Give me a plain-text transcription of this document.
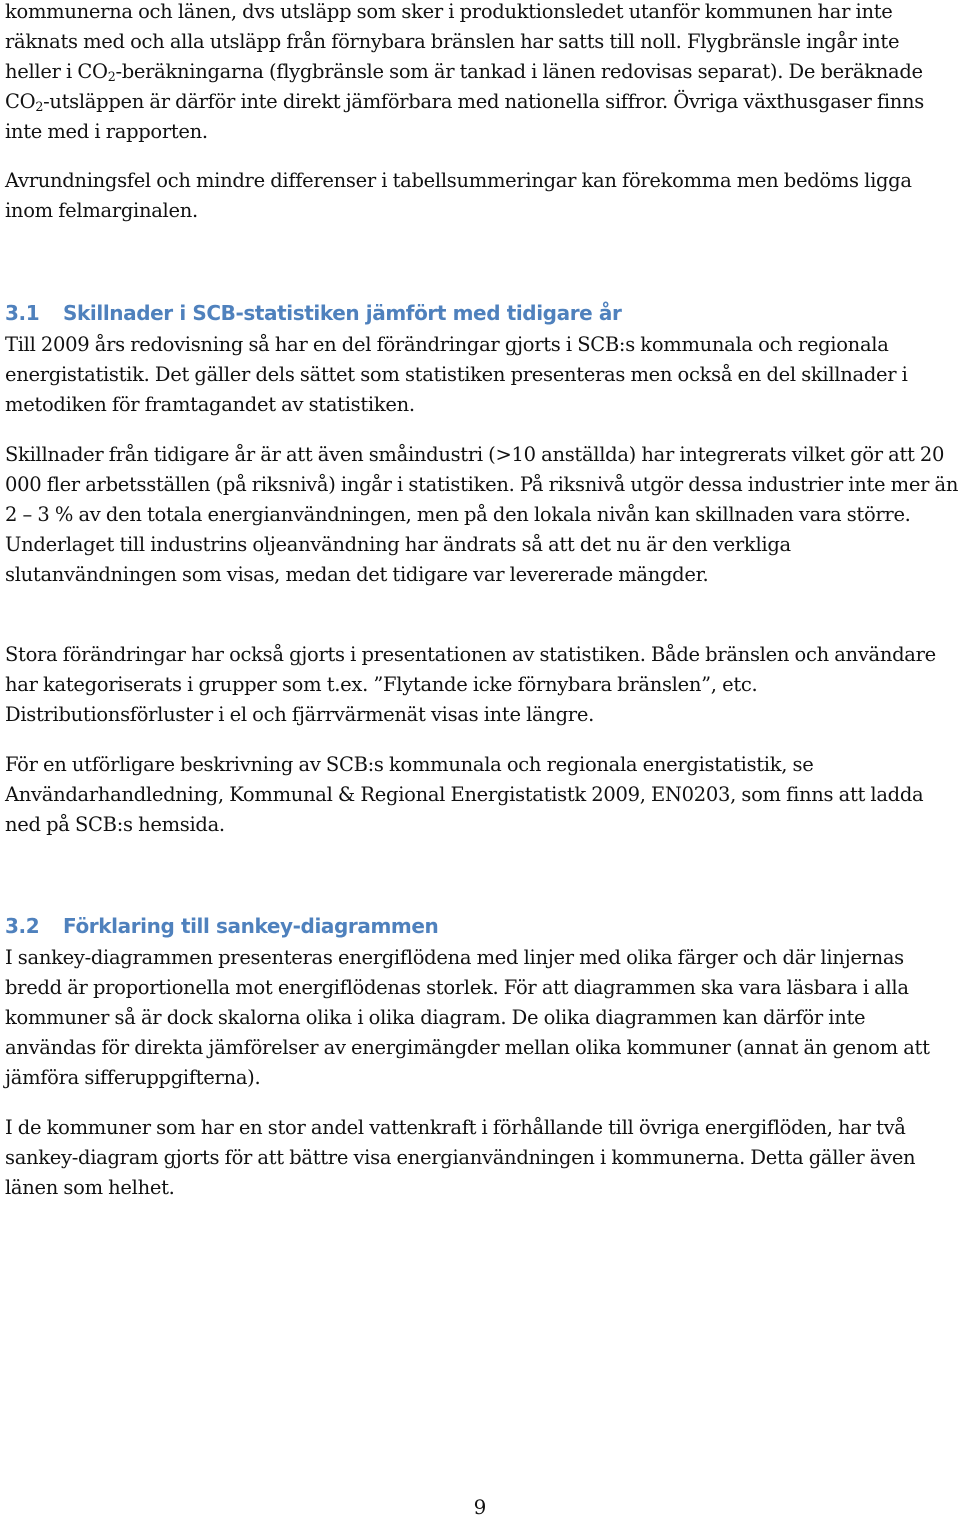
kommunerna och länen, dvs utsläpp som sker i produktionsledet utanför kommunen har inte räknats med och alla utsläpp från förnybara bränslen har satts till noll. Flygbränsle ingår inte heller i $CO_2$-beräkningarna (flygbränsle som är tankad i länen redovisas separat). De beräknade $CO_2$-utsläppen är därför inte direkt jämförbara med nationella siffror. Övriga växthusgaser finns inte med i rapporten.

Avrundningsfel och mindre differenser i tabellsummeringar kan förekomma men bedöms ligga inom felmarginalen.

3.1 Skillnader i SCB-statistiken jämfört med tidigare år

Till 2009 års redovisning så har en del förändringar gjorts i SCB:s kommunala och regionala energistatistik. Det gäller dels sättet som statistiken presenteras men också en del skillnader i metodiken för framtagandet av statistiken.

Skillnader från tidigare år är att även småindustri (>10 anställda) har integrerats vilket gör att 20 000 fler arbetsställen (på riksnivå) ingår i statistiken. På riksnivå utgör dessa industrier inte mer än 2 – 3 % av den totala energianvändningen, men på den lokala nivån kan skillnaden vara större. Underlaget till industrins oljeanvändning har ändrats så att det nu är den verkliga slutanvändningen som visas, medan det tidigare var levererade mängder.

Stora förändringar har också gjorts i presentationen av statistiken. Både bränslen och användare har kategoriserats i grupper som t.ex. ”Flytande icke förnybara bränslen”, etc. Distributionsförluster i el och fjärrvärmenät visas inte längre.

För en utförligare beskrivning av SCB:s kommunala och regionala energistatistik, se Användarhandledning, Kommunal & Regional Energistatistk 2009, EN0203, som finns att ladda ned på SCB:s hemsida.

3.2 Förklaring till sankey-diagrammen

I sankey-diagrammen presenteras energiflödena med linjer med olika färger och där linjernas bredd är proportionella mot energiflödenas storlek. För att diagrammen ska vara läsbara i alla kommuner så är dock skalorna olika i olika diagram. De olika diagrammen kan därför inte användas för direkta jämförelser av energimängder mellan olika kommuner (annat än genom att jämföra sifferuppgifterna).

I de kommuner som har en stor andel vattenkraft i förhållande till övriga energiflöden, har två sankey-diagram gjorts för att bättre visa energianvändningen i kommunerna. Detta gäller även länen som helhet.

9
